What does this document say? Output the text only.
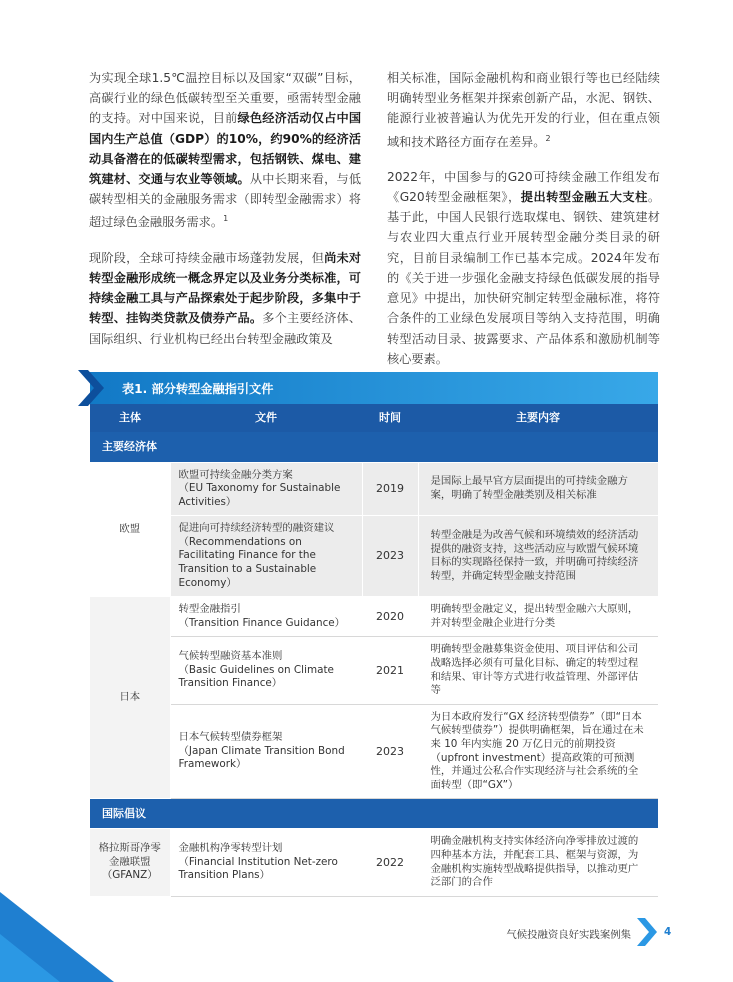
为实现全球1.5℃温控目标以及国家“双碳”目标，高碳行业的绿色低碳转型至关重要，亟需转型金融的支持。对中国来说，目前绿色经济活动仅占中国国内生产总值（GDP）的10%，约90%的经济活动具备潜在的低碳转型需求，包括钢铁、煤电、建筑建材、交通与农业等领域。从中长期来看，与低碳转型相关的金融服务需求（即转型金融需求）将超过绿色金融服务需求。$^1$

现阶段，全球可持续金融市场蓬勃发展，但尚未对转型金融形成统一概念界定以及业务分类标准，可持续金融工具与产品探索处于起步阶段，多集中于转型、挂钩类贷款及债券产品。多个主要经济体、国际组织、行业机构已经出台转型金融政策及

相关标准，国际金融机构和商业银行等也已经陆续明确转型业务框架并探索创新产品，水泥、钢铁、能源行业被普遍认为优先开发的行业，但在重点领域和技术路径方面存在差异。$^2$

2022年，中国参与的G20可持续金融工作组发布《G20转型金融框架》，提出转型金融五大支柱。基于此，中国人民银行选取煤电、钢铁、建筑建材与农业四大重点行业开展转型金融分类目录的研究，目前目录编制工作已基本完成。2024年发布的《关于进一步强化金融支持绿色低碳发展的指导意见》中提出，加快研究制定转型金融标准，将符合条件的工业绿色发展项目等纳入支持范围，明确转型活动目录、披露要求、产品体系和激励机制等核心要素。

表1. 部分转型金融指引文件
主体	文件	时间	主要内容
主要经济体			
欧盟	欧盟可持续金融分类方案
（EU Taxonomy for Sustainable Activities）	2019	是国际上最早官方层面提出的可持续金融方案，明确了转型金融类别及相关标准
	促进向可持续经济转型的融资建议
（Recommendations on Facilitating Finance for the Transition to a Sustainable Economy）	2023	转型金融是为改善气候和环境绩效的经济活动提供的融资支持，这些活动应与欧盟气候环境目标的实现路径保持一致，并明确可持续经济转型，并确定转型金融支持范围
日本	转型金融指引
（Transition Finance Guidance）	2020	明确转型金融定义，提出转型金融六大原则，并对转型金融企业进行分类
	气候转型融资基本准则
（Basic Guidelines on Climate Transition Finance）	2021	明确转型金融募集资金使用、项目评估和公司战略选择必须有可量化目标、确定的转型过程和结果、审计等方式进行收益管理、外部评估等
	日本气候转型债券框架
（Japan Climate Transition Bond Framework）	2023	为日本政府发行“GX 经济转型债券”（即“日本气候转型债券”）提供明确框架，旨在通过在未来 10 年内实施 20 万亿日元的前期投资（upfront investment）提高政策的可预测性，并通过公私合作实现经济与社会系统的全面转型（即“GX”）
国际倡议			
格拉斯哥净零金融联盟（GFANZ）	金融机构净零转型计划
（Financial Institution Net-zero Transition Plans）	2022	明确金融机构支持实体经济向净零排放过渡的四种基本方法，并配套工具、框架与资源，为金融机构实施转型战略提供指导，以推动更广泛部门的合作
气候投融资良好实践案例集	4
